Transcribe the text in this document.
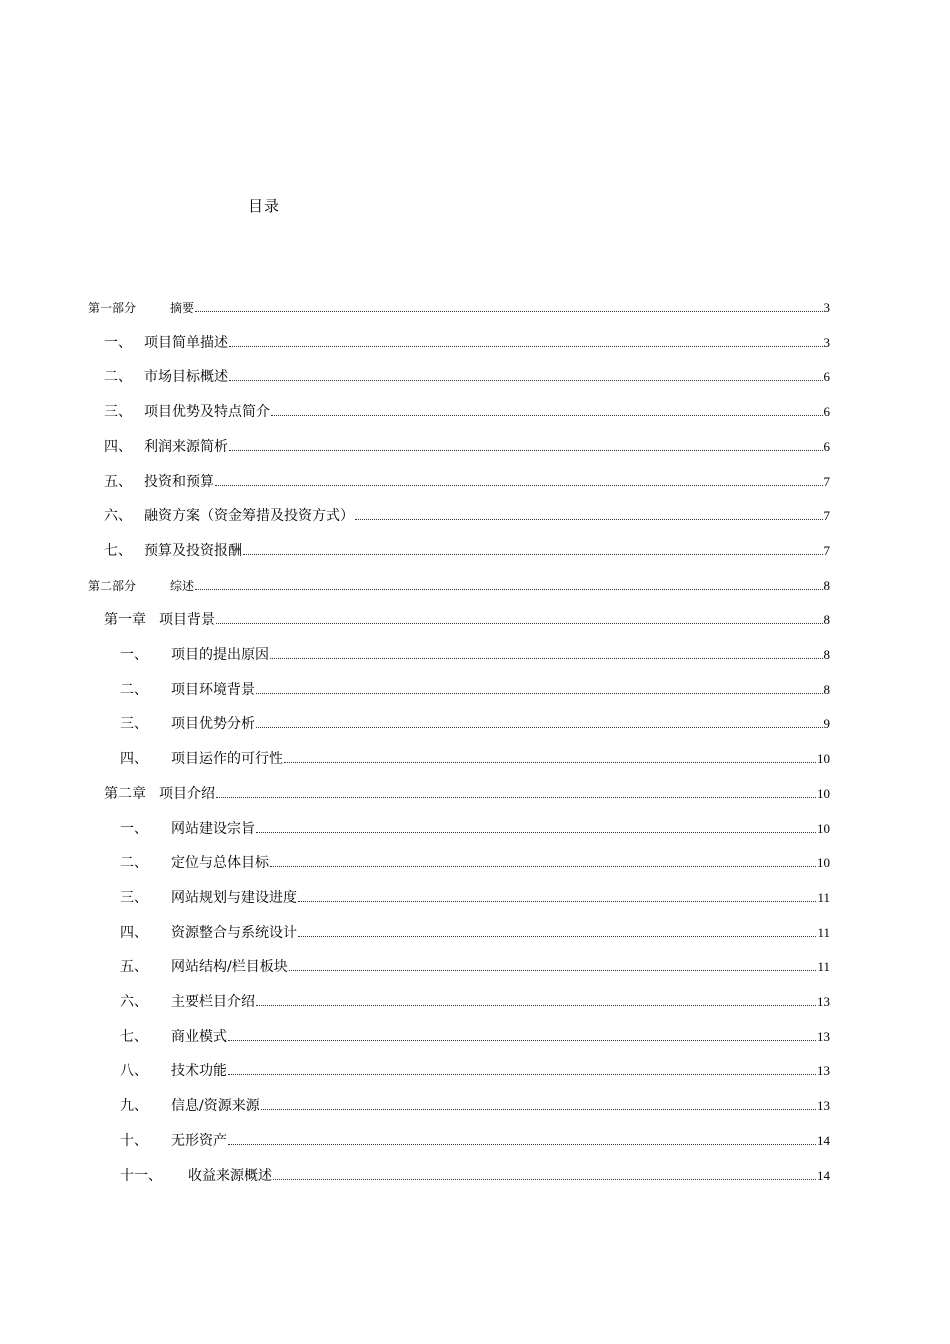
目录
第一部分	摘要	3
一、 项目简单描述	3
二、 市场目标概述	6
三、 项目优势及特点简介	6
四、 利润来源简析	6
五、 投资和预算	7
六、 融资方案（资金筹措及投资方式）	7
七、 预算及投资报酬	7
第二部分	综述	8
第一章 项目背景	8
一、	项目的提出原因	8
二、	项目环境背景	8
三、	项目优势分析	9
四、	项目运作的可行性	10
第二章 项目介绍	10
一、	网站建设宗旨	10
二、	定位与总体目标	10
三、	网站规划与建设进度	11
四、	资源整合与系统设计	11
五、	网站结构/栏目板块	11
六、	主要栏目介绍	13
七、	商业模式	13
八、	技术功能	13
九、	信息/资源来源	13
十、	无形资产	14
十一、	收益来源概述	14
